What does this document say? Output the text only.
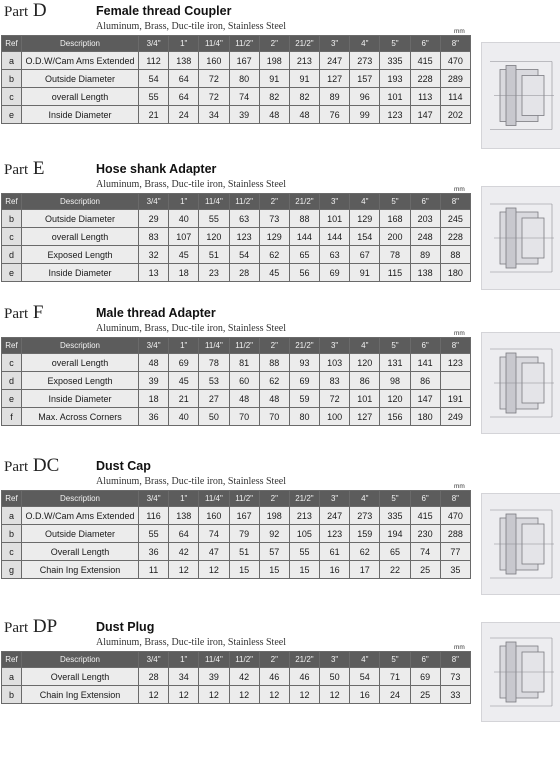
Part D	Female thread Coupler
Aluminum, Brass, Duc-tile iron, Stainless Steel	mm
Ref	Description	3/4"	1"	11/4"	11/2"	2"	21/2"	3"	4"	5"	6"	8"
a	O.D.W/Cam Ams Extended	112	138	160	167	198	213	247	273	335	415	470
b	Outside Diameter	54	64	72	80	91	91	127	157	193	228	289
c	overall Length	55	64	72	74	82	82	89	96	101	113	114
e	Inside Diameter	21	24	34	39	48	48	76	99	123	147	202
Part E	Hose shank Adapter
Aluminum, Brass, Duc-tile iron, Stainless Steel	mm
Ref	Description	3/4"	1"	11/4"	11/2"	2"	21/2"	3"	4"	5"	6"	8"
b	Outside Diameter	29	40	55	63	73	88	101	129	168	203	245
c	overall Length	83	107	120	123	129	144	144	154	200	248	228
d	Exposed Length	32	45	51	54	62	65	63	67	78	89	88
e	Inside Diameter	13	18	23	28	45	56	69	91	115	138	180
Part F	Male thread Adapter
Aluminum, Brass, Duc-tile iron, Stainless Steel	mm
Ref	Description	3/4"	1"	11/4"	11/2"	2"	21/2"	3"	4"	5"	6"	8"
c	overall Length	48	69	78	81	88	93	103	120	131	141	123
d	Exposed Length	39	45	53	60	62	69	83	86	98	86	
e	Inside Diameter	18	21	27	48	48	59	72	101	120	147	191
f	Max. Across Corners	36	40	50	70	70	80	100	127	156	180	249
Part DC	Dust Cap
Aluminum, Brass, Duc-tile iron, Stainless Steel	mm
Ref	Description	3/4"	1"	11/4"	11/2"	2"	21/2"	3"	4"	5"	6"	8"
a	O.D.W/Cam Ams Extended	116	138	160	167	198	213	247	273	335	415	470
b	Outside Diameter	55	64	74	79	92	105	123	159	194	230	288
c	Overall Length	36	42	47	51	57	55	61	62	65	74	77
g	Chain Ing Extension	11	12	12	15	15	15	16	17	22	25	35
Part DP	Dust Plug
Aluminum, Brass, Duc-tile iron, Stainless Steel	mm
Ref	Description	3/4"	1"	11/4"	11/2"	2"	21/2"	3"	4"	5"	6"	8"
a	Overall Length	28	34	39	42	46	46	50	54	71	69	73
b	Chain Ing Extension	12	12	12	12	12	12	12	16	24	25	33
